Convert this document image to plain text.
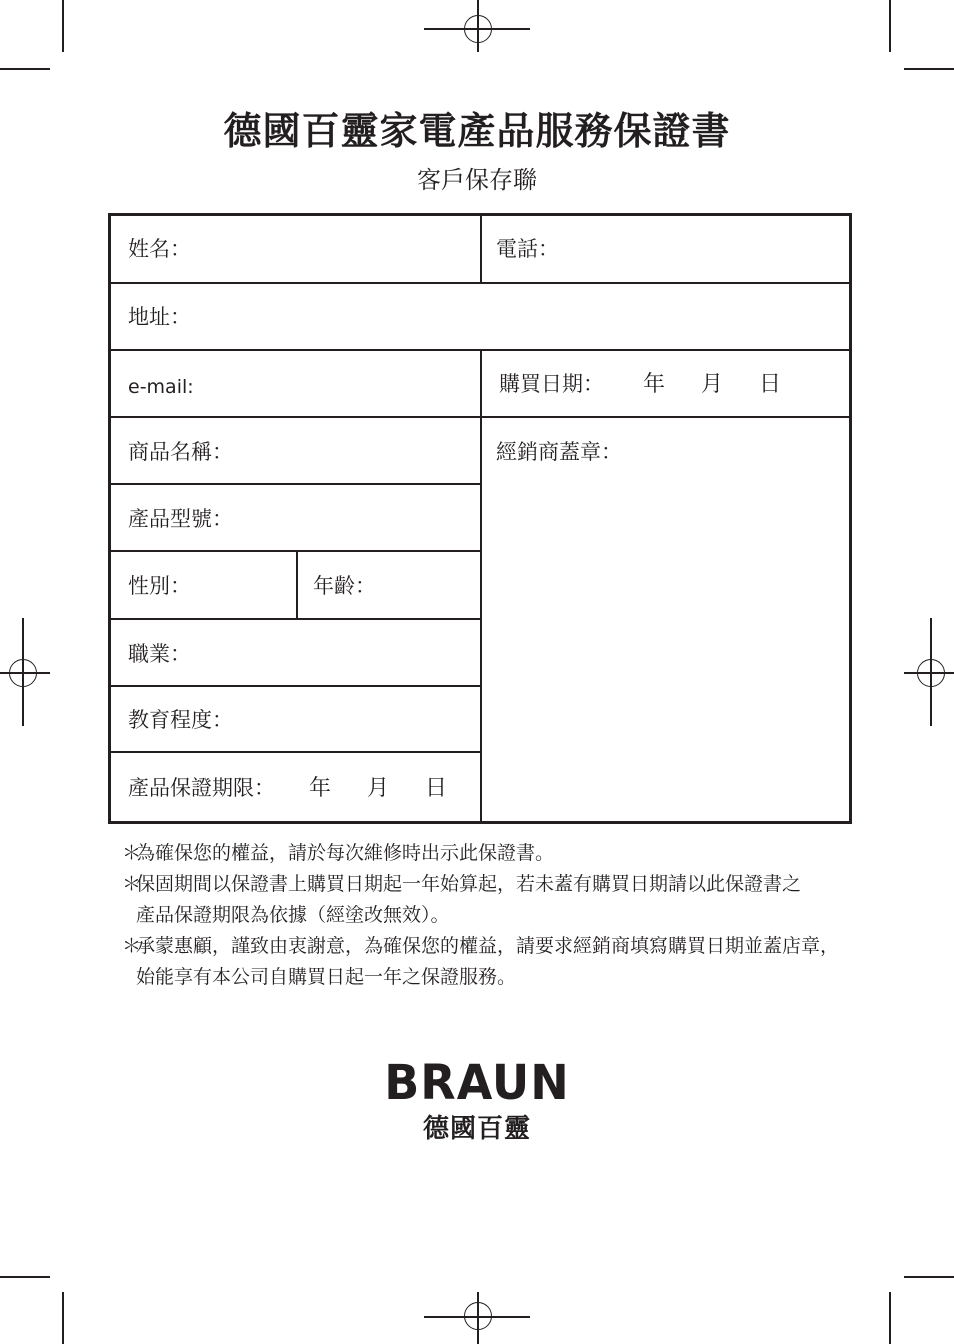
德國百靈家電產品服務保證書
客戶保存聯
姓名：	電話：
地址：
e-mail:	購買日期： 年 月 日
商品名稱：	經銷商蓋章：
產品型號：
性別：	年齡：
職業：
教育程度：
產品保證期限： 年 月 日
＊
為確保您的權益，請於每次維修時出示此保證書。
＊
保固期間以保證書上購買日期起一年始算起，若未蓋有購買日期請以此保證書之
產品保證期限為依據（經塗改無效）。
＊
承蒙惠顧，謹致由衷謝意，為確保您的權益，請要求經銷商填寫購買日期並蓋店章，
始能享有本公司自購買日起一年之保證服務。
BRAUN
德國百靈
